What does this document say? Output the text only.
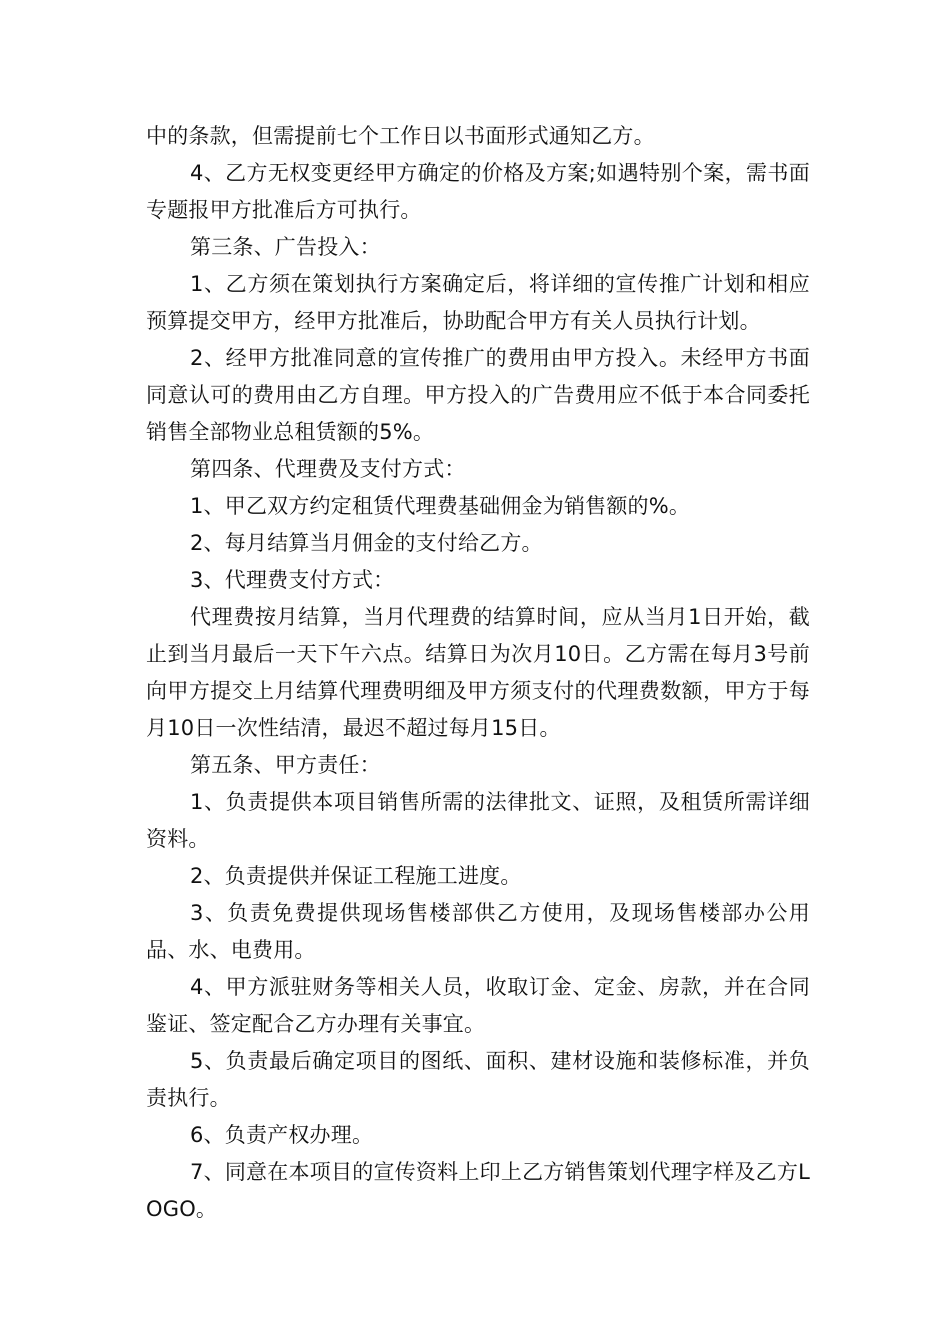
中的条款，但需提前七个工作日以书面形式通知乙方。

4、乙方无权变更经甲方确定的价格及方案;如遇特别个案，需书面专题报甲方批准后方可执行。

第三条、广告投入：

1、乙方须在策划执行方案确定后，将详细的宣传推广计划和相应预算提交甲方，经甲方批准后，协助配合甲方有关人员执行计划。

2、经甲方批准同意的宣传推广的费用由甲方投入。未经甲方书面同意认可的费用由乙方自理。甲方投入的广告费用应不低于本合同委托销售全部物业总租赁额的5%。

第四条、代理费及支付方式：

1、甲乙双方约定租赁代理费基础佣金为销售额的%。

2、每月结算当月佣金的支付给乙方。

3、代理费支付方式：

代理费按月结算，当月代理费的结算时间，应从当月1日开始，截止到当月最后一天下午六点。结算日为次月10日。乙方需在每月3号前向甲方提交上月结算代理费明细及甲方须支付的代理费数额，甲方于每月10日一次性结清，最迟不超过每月15日。

第五条、甲方责任：

1、负责提供本项目销售所需的法律批文、证照，及租赁所需详细资料。

2、负责提供并保证工程施工进度。

3、负责免费提供现场售楼部供乙方使用，及现场售楼部办公用品、水、电费用。

4、甲方派驻财务等相关人员，收取订金、定金、房款，并在合同鉴证、签定配合乙方办理有关事宜。

5、负责最后确定项目的图纸、面积、建材设施和装修标准，并负责执行。

6、负责产权办理。

7、同意在本项目的宣传资料上印上乙方销售策划代理字样及乙方LOGO。
